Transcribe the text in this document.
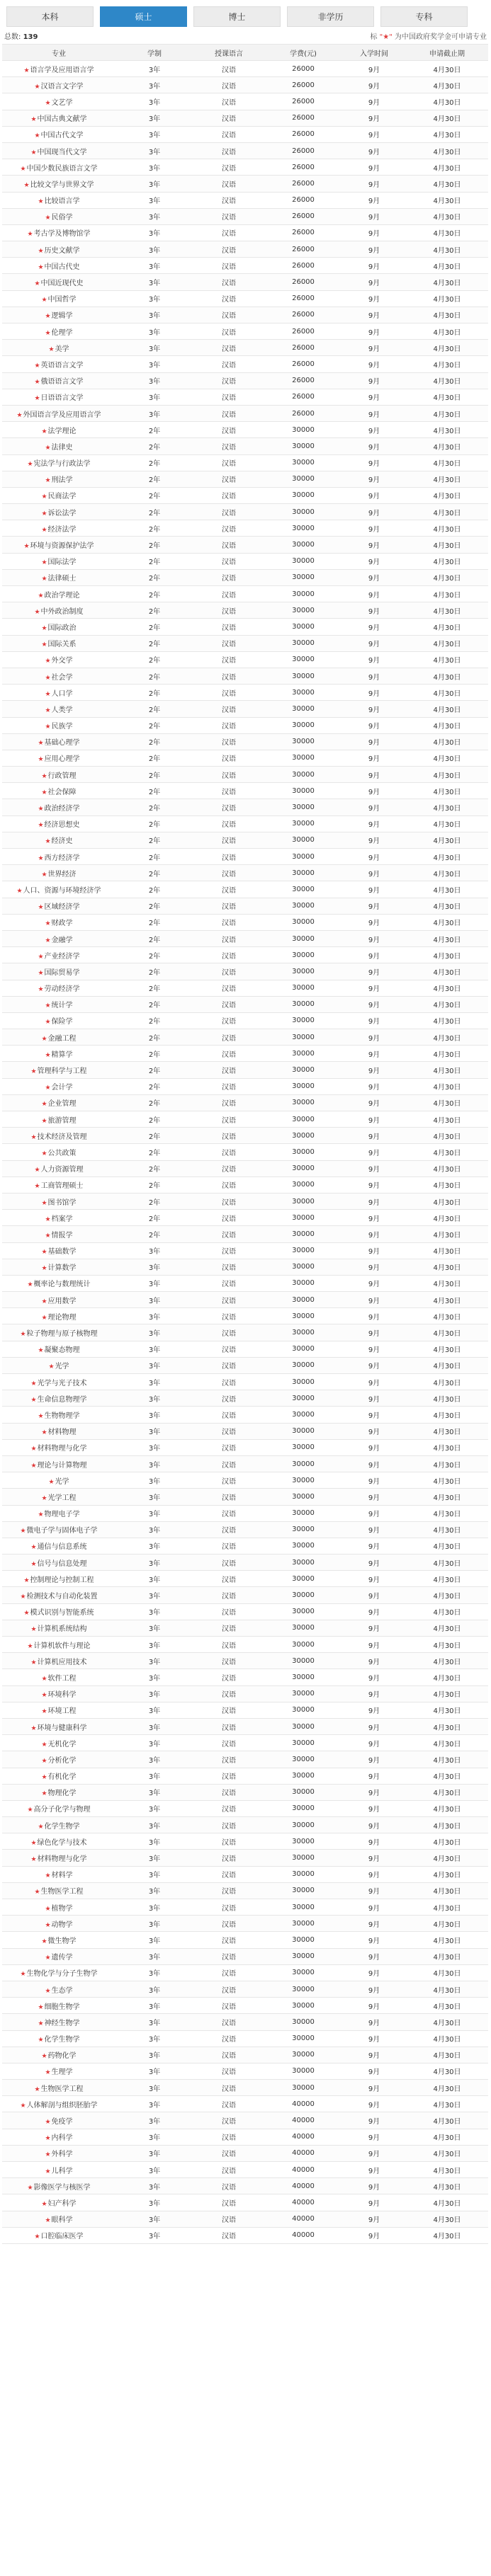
本科	硕士	博士	非学历	专科
总数: 139	标 "★" 为中国政府奖学金可申请专业
专业	学制	授课语言	学费(元)	入学时间	申请截止期
★语言学及应用语言学	3年	汉语	26000	9月	4月30日
★汉语言文字学	3年	汉语	26000	9月	4月30日
★文艺学	3年	汉语	26000	9月	4月30日
★中国古典文献学	3年	汉语	26000	9月	4月30日
★中国古代文学	3年	汉语	26000	9月	4月30日
★中国现当代文学	3年	汉语	26000	9月	4月30日
★中国少数民族语言文学	3年	汉语	26000	9月	4月30日
★比较文学与世界文学	3年	汉语	26000	9月	4月30日
★比较语言学	3年	汉语	26000	9月	4月30日
★民俗学	3年	汉语	26000	9月	4月30日
★考古学及博物馆学	3年	汉语	26000	9月	4月30日
★历史文献学	3年	汉语	26000	9月	4月30日
★中国古代史	3年	汉语	26000	9月	4月30日
★中国近现代史	3年	汉语	26000	9月	4月30日
★中国哲学	3年	汉语	26000	9月	4月30日
★逻辑学	3年	汉语	26000	9月	4月30日
★伦理学	3年	汉语	26000	9月	4月30日
★美学	3年	汉语	26000	9月	4月30日
★英语语言文学	3年	汉语	26000	9月	4月30日
★俄语语言文学	3年	汉语	26000	9月	4月30日
★日语语言文学	3年	汉语	26000	9月	4月30日
★外国语言学及应用语言学	3年	汉语	26000	9月	4月30日
★法学理论	2年	汉语	30000	9月	4月30日
★法律史	2年	汉语	30000	9月	4月30日
★宪法学与行政法学	2年	汉语	30000	9月	4月30日
★刑法学	2年	汉语	30000	9月	4月30日
★民商法学	2年	汉语	30000	9月	4月30日
★诉讼法学	2年	汉语	30000	9月	4月30日
★经济法学	2年	汉语	30000	9月	4月30日
★环境与资源保护法学	2年	汉语	30000	9月	4月30日
★国际法学	2年	汉语	30000	9月	4月30日
★法律硕士	2年	汉语	30000	9月	4月30日
★政治学理论	2年	汉语	30000	9月	4月30日
★中外政治制度	2年	汉语	30000	9月	4月30日
★国际政治	2年	汉语	30000	9月	4月30日
★国际关系	2年	汉语	30000	9月	4月30日
★外交学	2年	汉语	30000	9月	4月30日
★社会学	2年	汉语	30000	9月	4月30日
★人口学	2年	汉语	30000	9月	4月30日
★人类学	2年	汉语	30000	9月	4月30日
★民族学	2年	汉语	30000	9月	4月30日
★基础心理学	2年	汉语	30000	9月	4月30日
★应用心理学	2年	汉语	30000	9月	4月30日
★行政管理	2年	汉语	30000	9月	4月30日
★社会保障	2年	汉语	30000	9月	4月30日
★政治经济学	2年	汉语	30000	9月	4月30日
★经济思想史	2年	汉语	30000	9月	4月30日
★经济史	2年	汉语	30000	9月	4月30日
★西方经济学	2年	汉语	30000	9月	4月30日
★世界经济	2年	汉语	30000	9月	4月30日
★人口、资源与环境经济学	2年	汉语	30000	9月	4月30日
★区域经济学	2年	汉语	30000	9月	4月30日
★财政学	2年	汉语	30000	9月	4月30日
★金融学	2年	汉语	30000	9月	4月30日
★产业经济学	2年	汉语	30000	9月	4月30日
★国际贸易学	2年	汉语	30000	9月	4月30日
★劳动经济学	2年	汉语	30000	9月	4月30日
★统计学	2年	汉语	30000	9月	4月30日
★保险学	2年	汉语	30000	9月	4月30日
★金融工程	2年	汉语	30000	9月	4月30日
★精算学	2年	汉语	30000	9月	4月30日
★管理科学与工程	2年	汉语	30000	9月	4月30日
★会计学	2年	汉语	30000	9月	4月30日
★企业管理	2年	汉语	30000	9月	4月30日
★旅游管理	2年	汉语	30000	9月	4月30日
★技术经济及管理	2年	汉语	30000	9月	4月30日
★公共政策	2年	汉语	30000	9月	4月30日
★人力资源管理	2年	汉语	30000	9月	4月30日
★工商管理硕士	2年	汉语	30000	9月	4月30日
★图书馆学	2年	汉语	30000	9月	4月30日
★档案学	2年	汉语	30000	9月	4月30日
★情报学	2年	汉语	30000	9月	4月30日
★基础数学	3年	汉语	30000	9月	4月30日
★计算数学	3年	汉语	30000	9月	4月30日
★概率论与数理统计	3年	汉语	30000	9月	4月30日
★应用数学	3年	汉语	30000	9月	4月30日
★理论物理	3年	汉语	30000	9月	4月30日
★粒子物理与原子核物理	3年	汉语	30000	9月	4月30日
★凝聚态物理	3年	汉语	30000	9月	4月30日
★光学	3年	汉语	30000	9月	4月30日
★光学与光子技术	3年	汉语	30000	9月	4月30日
★生命信息物理学	3年	汉语	30000	9月	4月30日
★生物物理学	3年	汉语	30000	9月	4月30日
★材料物理	3年	汉语	30000	9月	4月30日
★材料物理与化学	3年	汉语	30000	9月	4月30日
★理论与计算物理	3年	汉语	30000	9月	4月30日
★光学	3年	汉语	30000	9月	4月30日
★光学工程	3年	汉语	30000	9月	4月30日
★物理电子学	3年	汉语	30000	9月	4月30日
★微电子学与固体电子学	3年	汉语	30000	9月	4月30日
★通信与信息系统	3年	汉语	30000	9月	4月30日
★信号与信息处理	3年	汉语	30000	9月	4月30日
★控制理论与控制工程	3年	汉语	30000	9月	4月30日
★检测技术与自动化装置	3年	汉语	30000	9月	4月30日
★模式识别与智能系统	3年	汉语	30000	9月	4月30日
★计算机系统结构	3年	汉语	30000	9月	4月30日
★计算机软件与理论	3年	汉语	30000	9月	4月30日
★计算机应用技术	3年	汉语	30000	9月	4月30日
★软件工程	3年	汉语	30000	9月	4月30日
★环境科学	3年	汉语	30000	9月	4月30日
★环境工程	3年	汉语	30000	9月	4月30日
★环境与健康科学	3年	汉语	30000	9月	4月30日
★无机化学	3年	汉语	30000	9月	4月30日
★分析化学	3年	汉语	30000	9月	4月30日
★有机化学	3年	汉语	30000	9月	4月30日
★物理化学	3年	汉语	30000	9月	4月30日
★高分子化学与物理	3年	汉语	30000	9月	4月30日
★化学生物学	3年	汉语	30000	9月	4月30日
★绿色化学与技术	3年	汉语	30000	9月	4月30日
★材料物理与化学	3年	汉语	30000	9月	4月30日
★材料学	3年	汉语	30000	9月	4月30日
★生物医学工程	3年	汉语	30000	9月	4月30日
★植物学	3年	汉语	30000	9月	4月30日
★动物学	3年	汉语	30000	9月	4月30日
★微生物学	3年	汉语	30000	9月	4月30日
★遗传学	3年	汉语	30000	9月	4月30日
★生物化学与分子生物学	3年	汉语	30000	9月	4月30日
★生态学	3年	汉语	30000	9月	4月30日
★细胞生物学	3年	汉语	30000	9月	4月30日
★神经生物学	3年	汉语	30000	9月	4月30日
★化学生物学	3年	汉语	30000	9月	4月30日
★药物化学	3年	汉语	30000	9月	4月30日
★生理学	3年	汉语	30000	9月	4月30日
★生物医学工程	3年	汉语	30000	9月	4月30日
★人体解剖与组织胚胎学	3年	汉语	40000	9月	4月30日
★免疫学	3年	汉语	40000	9月	4月30日
★内科学	3年	汉语	40000	9月	4月30日
★外科学	3年	汉语	40000	9月	4月30日
★儿科学	3年	汉语	40000	9月	4月30日
★影像医学与核医学	3年	汉语	40000	9月	4月30日
★妇产科学	3年	汉语	40000	9月	4月30日
★眼科学	3年	汉语	40000	9月	4月30日
★口腔临床医学	3年	汉语	40000	9月	4月30日
